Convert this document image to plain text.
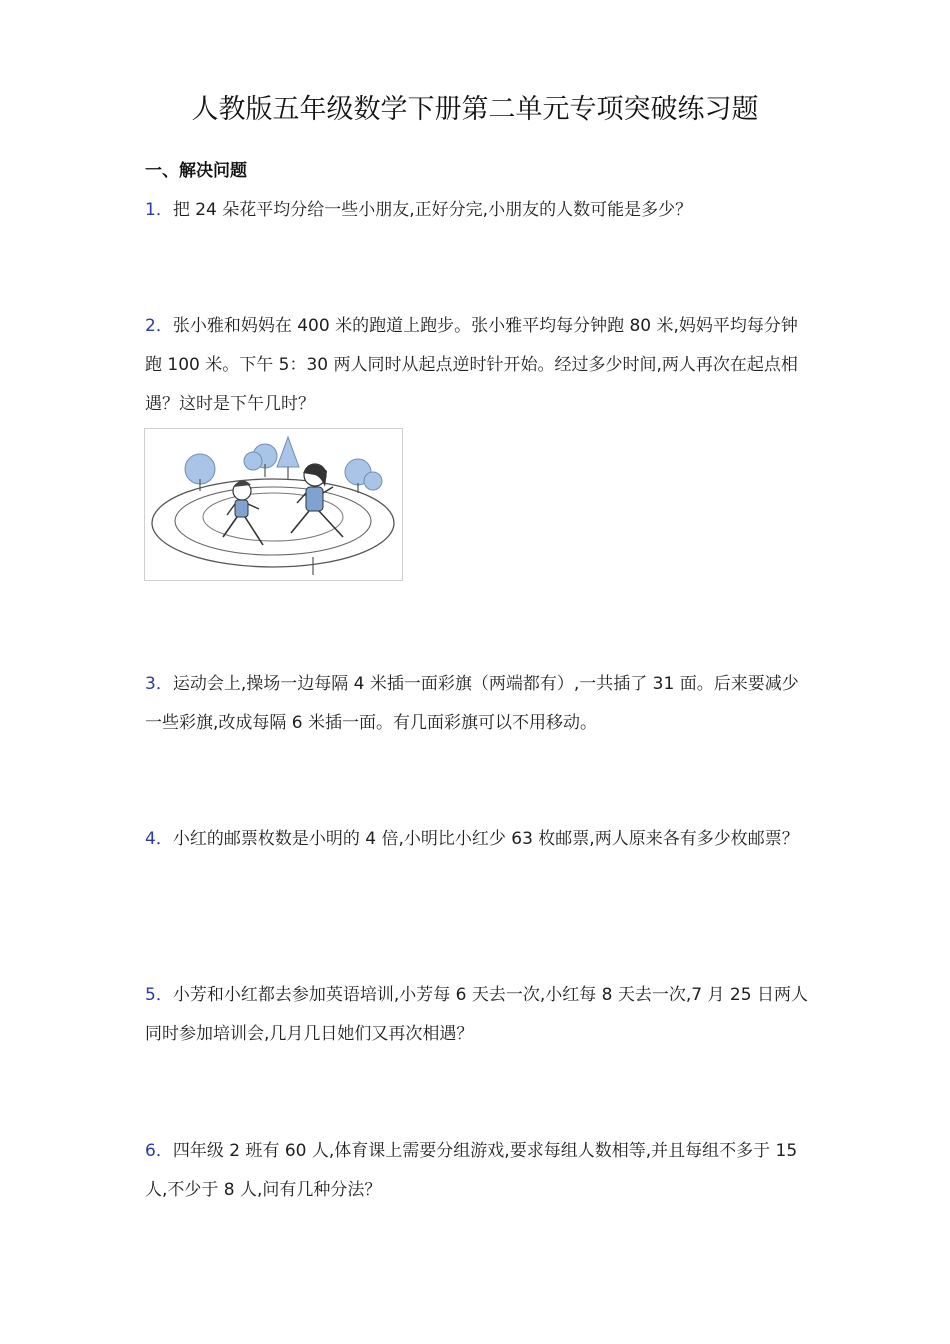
人教版五年级数学下册第二单元专项突破练习题
一、解决问题
1．把 24 朵花平均分给一些小朋友,正好分完,小朋友的人数可能是多少？
2．张小雅和妈妈在 400 米的跑道上跑步。张小雅平均每分钟跑 80 米,妈妈平均每分钟跑 100 米。下午 5：30 两人同时从起点逆时针开始。经过多少时间,两人再次在起点相遇？这时是下午几时？
3．运动会上,操场一边每隔 4 米插一面彩旗（两端都有）,一共插了 31 面。后来要减少一些彩旗,改成每隔 6 米插一面。有几面彩旗可以不用移动。
4．小红的邮票枚数是小明的 4 倍,小明比小红少 63 枚邮票,两人原来各有多少枚邮票？
5．小芳和小红都去参加英语培训,小芳每 6 天去一次,小红每 8 天去一次,7 月 25 日两人同时参加培训会,几月几日她们又再次相遇？
6．四年级 2 班有 60 人,体育课上需要分组游戏,要求每组人数相等,并且每组不多于 15 人,不少于 8 人,问有几种分法？
